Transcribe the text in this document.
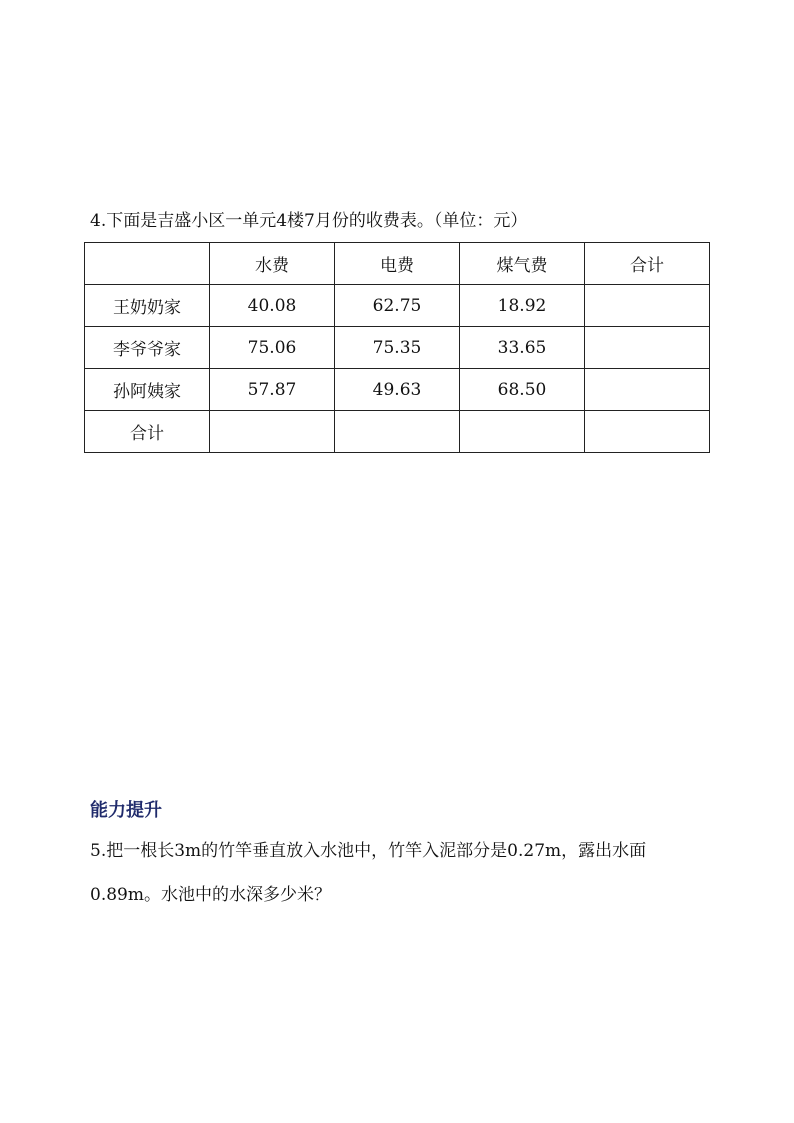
4.下面是吉盛小区一单元4楼7月份的收费表。（单位：元）
	水费	电费	煤气费	合计
王奶奶家	40.08	62.75	18.92	
李爷爷家	75.06	75.35	33.65	
孙阿姨家	57.87	49.63	68.50	
合计				
能力提升
5.把一根长3m的竹竿垂直放入水池中，竹竿入泥部分是0.27m，露出水面
0.89m。水池中的水深多少米？
